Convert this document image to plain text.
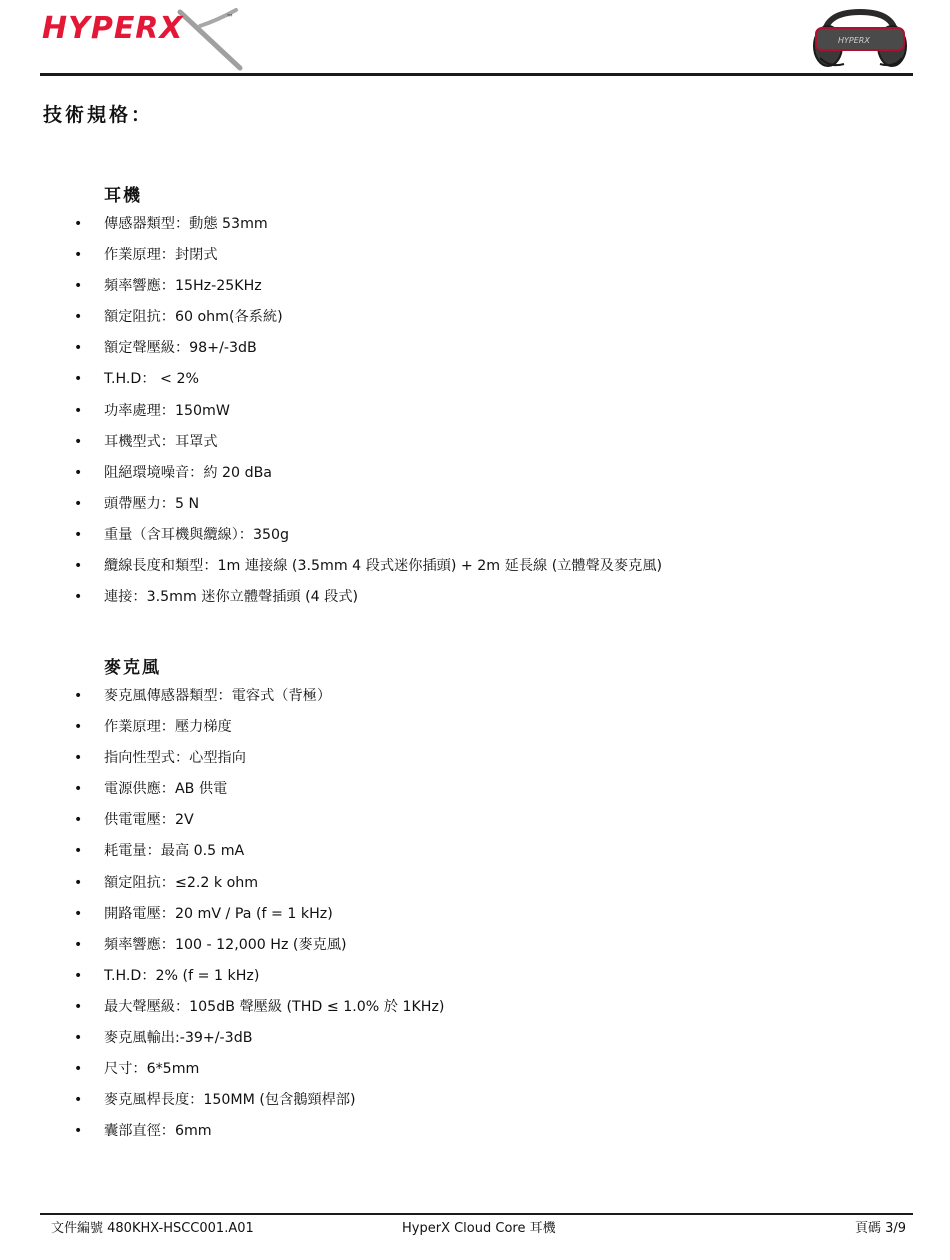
HYPERX	™
HYPERX
技術規格：
耳機
• 傳感器類型：動態 53mm
• 作業原理：封閉式
• 頻率響應：15Hz-25KHz
• 額定阻抗：60 ohm(各系統)
• 額定聲壓級：98+/-3dB
• T.H.D： < 2%
• 功率處理：150mW
• 耳機型式：耳罩式
• 阻絕環境噪音：約 20 dBa
• 頭帶壓力：5 N
• 重量（含耳機與纜線）：350g
• 纜線長度和類型：1m 連接線 (3.5mm 4 段式迷你插頭) + 2m 延長線 (立體聲及麥克風)
• 連接：3.5mm 迷你立體聲插頭 (4 段式)
麥克風
• 麥克風傳感器類型：電容式（背極）
• 作業原理：壓力梯度
• 指向性型式：心型指向
• 電源供應：AB 供電
• 供電電壓：2V
• 耗電量：最高 0.5 mA
• 額定阻抗：≤2.2 k ohm
• 開路電壓：20 mV / Pa (f = 1 kHz)
• 頻率響應：100 - 12,000 Hz (麥克風)
• T.H.D：2% (f = 1 kHz)
• 最大聲壓級：105dB 聲壓級 (THD ≤ 1.0% 於 1KHz)
• 麥克風輸出:-39+/-3dB
• 尺寸：6*5mm
• 麥克風桿長度：150MM (包含鵝頸桿部)
• 囊部直徑：6mm
文件編號 480KHX-HSCC001.A01	HyperX Cloud Core 耳機	頁碼 3/9
